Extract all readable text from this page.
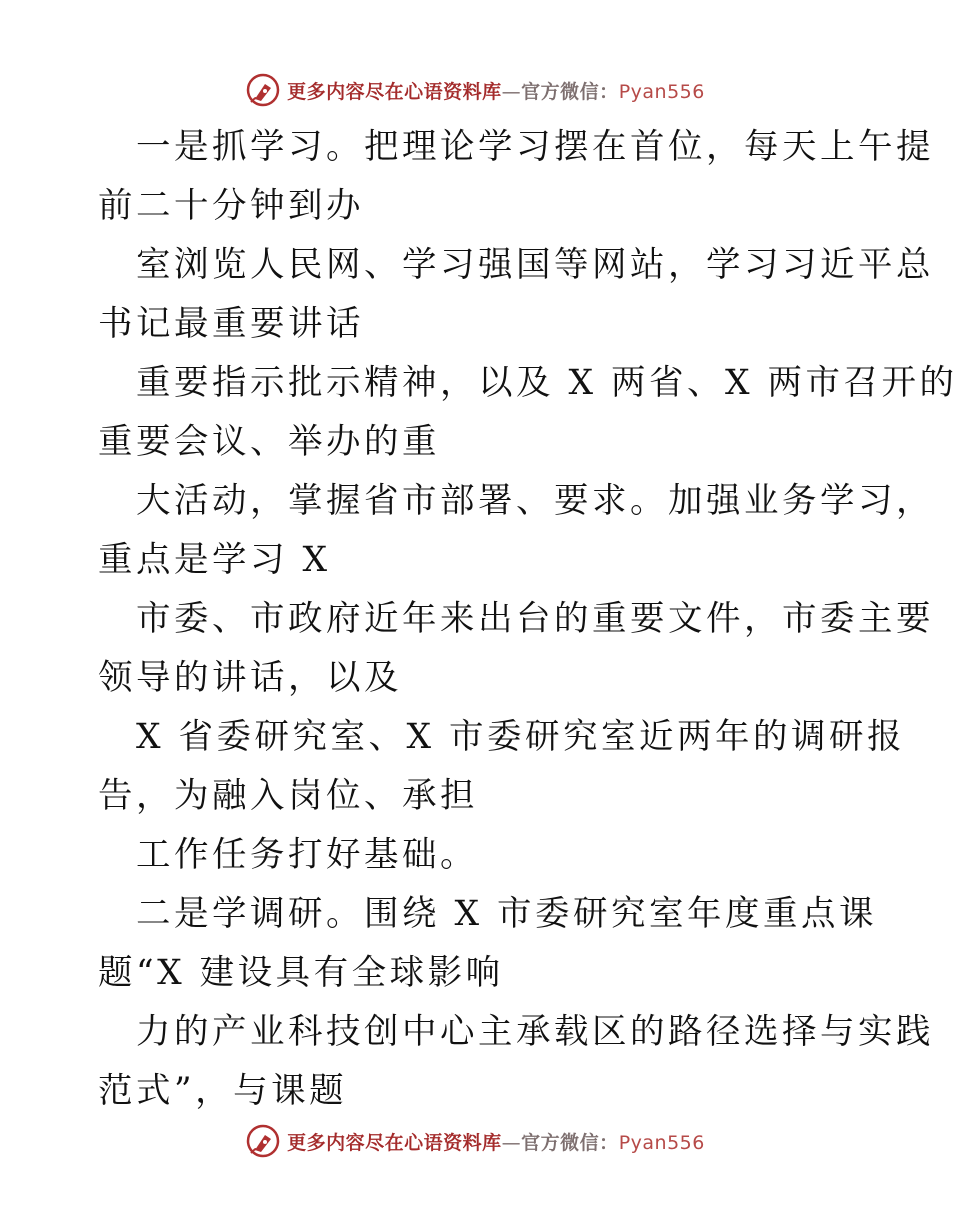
更多内容尽在心语资料库—官方微信：Pyan556
一是抓学习。把理论学习摆在首位，每天上午提
前二十分钟到办
室浏览人民网、学习强国等网站，学习习近平总
书记最重要讲话
重要指示批示精神，以及 X 两省、X 两市召开的
重要会议、举办的重
大活动，掌握省市部署、要求。加强业务学习，
重点是学习 X
市委、市政府近年来出台的重要文件，市委主要
领导的讲话，以及
X 省委研究室、X 市委研究室近两年的调研报
告，为融入岗位、承担
工作任务打好基础。
二是学调研。围绕 X 市委研究室年度重点课
题“X 建设具有全球影响
力的产业科技创中心主承载区的路径选择与实践
范式”，与课题
更多内容尽在心语资料库—官方微信：Pyan556
